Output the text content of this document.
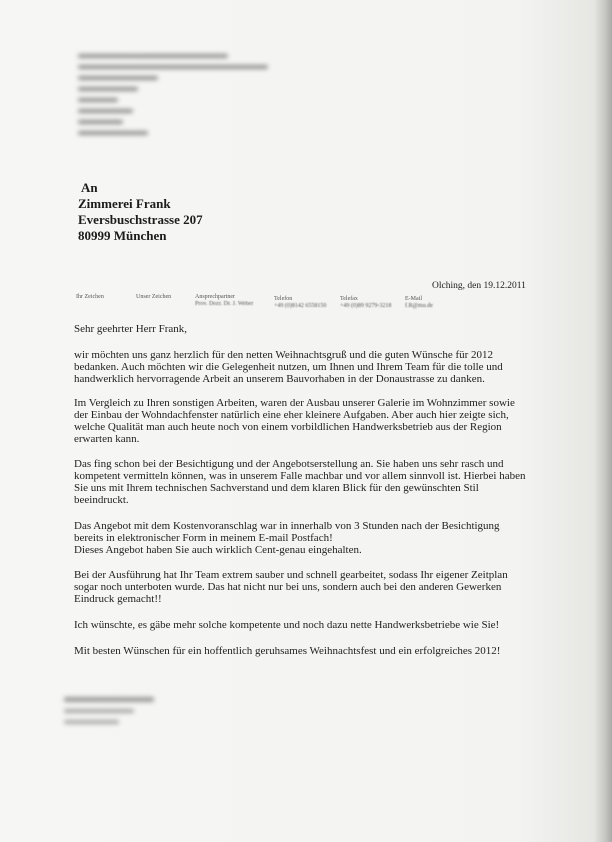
An
Zimmerei Frank
Eversbuschstrasse 207
80999 München
Olching, den 19.12.2011
Ihr Zeichen	Unser Zeichen	Ansprechpartner
Prov. Dozr. Dr. J. Weber
Telefon
+49 (0)8142 6558150
Telefax
+49 (0)89 9279-3218
E-Mail
f.R@mu.de

Sehr geehrter Herr Frank,

wir möchten uns ganz herzlich für den netten Weihnachtsgruß und die guten Wünsche für 2012
bedanken. Auch möchten wir die Gelegenheit nutzen, um Ihnen und Ihrem Team für die tolle und
handwerklich hervorragende Arbeit an unserem Bauvorhaben in der Donaustrasse zu danken.

Im Vergleich zu Ihren sonstigen Arbeiten, waren der Ausbau unserer Galerie im Wohnzimmer sowie
der Einbau der Wohndachfenster natürlich eine eher kleinere Aufgaben. Aber auch hier zeigte sich,
welche Qualität man auch heute noch von einem vorbildlichen Handwerksbetrieb aus der Region
erwarten kann.

Das fing schon bei der Besichtigung und der Angebotserstellung an. Sie haben uns sehr rasch und
kompetent vermitteln können, was in unserem Falle machbar und vor allem sinnvoll ist. Hierbei haben
Sie uns mit Ihrem technischen Sachverstand und dem klaren Blick für den gewünschten Stil
beeindruckt.

Das Angebot mit dem Kostenvoranschlag war in innerhalb von 3 Stunden nach der Besichtigung
bereits in elektronischer Form in meinem E-mail Postfach!
Dieses Angebot haben Sie auch wirklich Cent-genau eingehalten.

Bei der Ausführung hat Ihr Team extrem sauber und schnell gearbeitet, sodass Ihr eigener Zeitplan
sogar noch unterboten wurde. Das hat nicht nur bei uns, sondern auch bei den anderen Gewerken
Eindruck gemacht!!

Ich wünschte, es gäbe mehr solche kompetente und noch dazu nette Handwerksbetriebe wie Sie!

Mit besten Wünschen für ein hoffentlich geruhsames Weihnachtsfest und ein erfolgreiches 2012!
